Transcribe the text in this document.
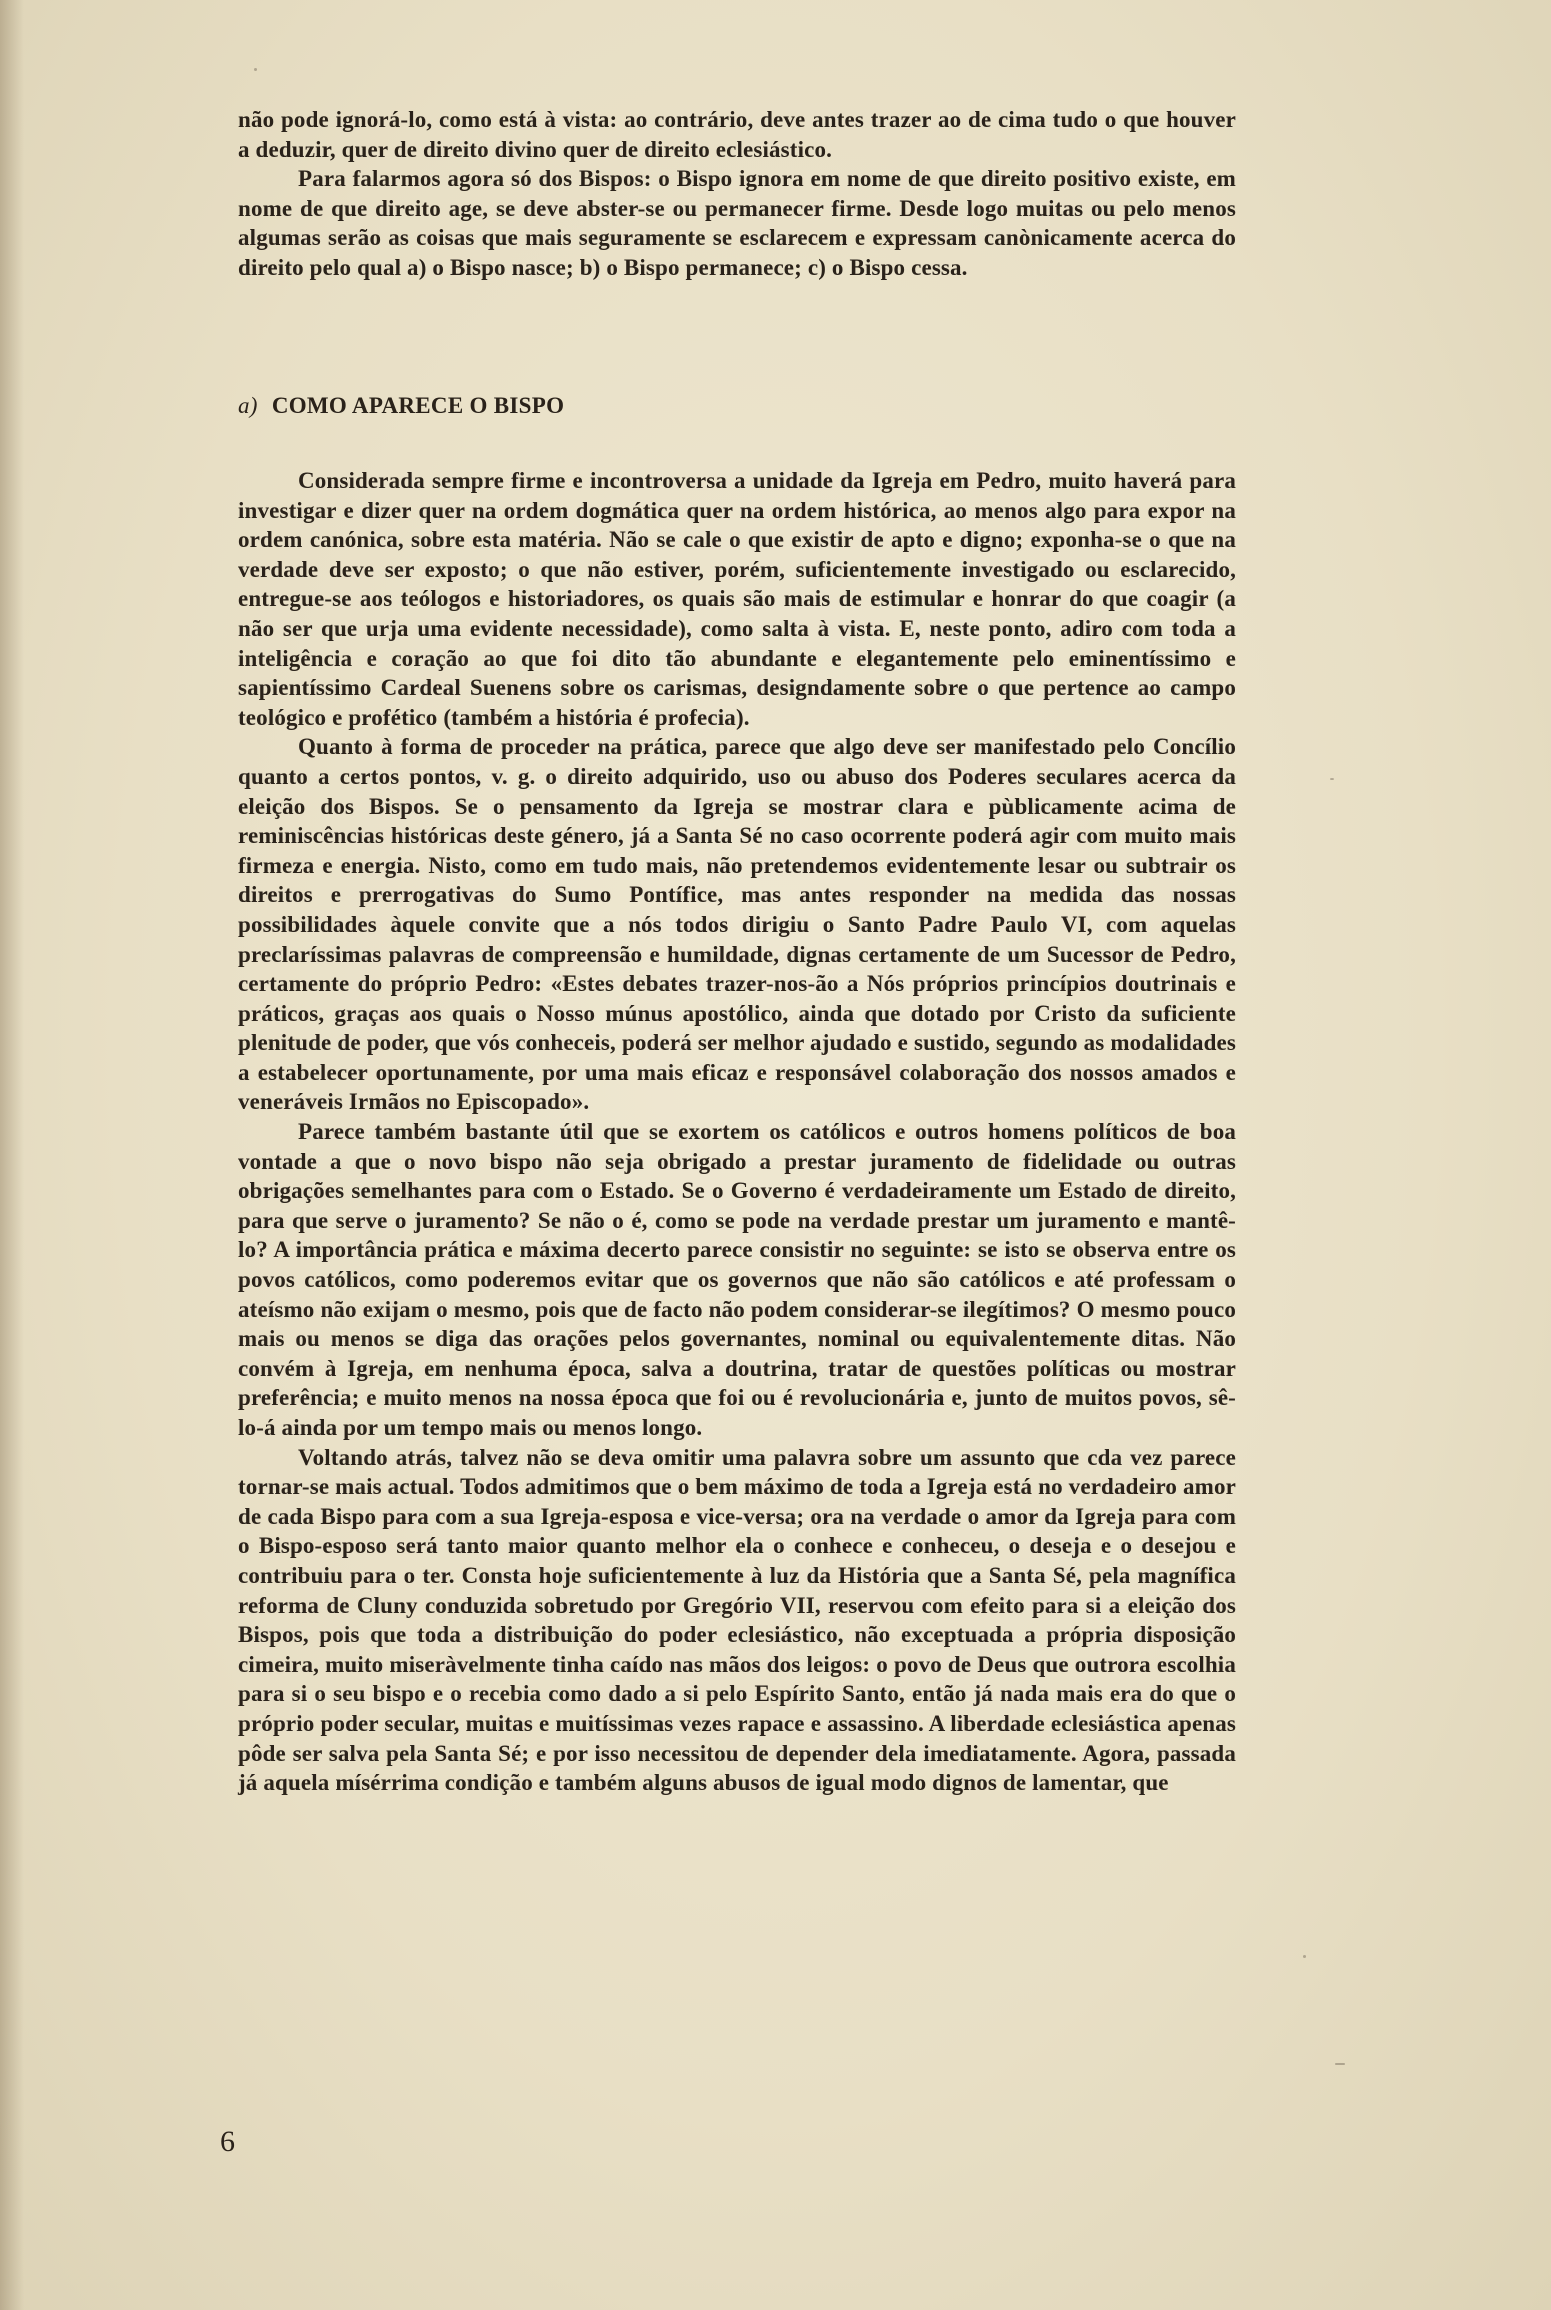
não pode ignorá-lo, como está à vista: ao contrário, deve antes trazer ao de cima tudo o que houver a deduzir, quer de direito divino quer de direito eclesiástico.

Para falarmos agora só dos Bispos: o Bispo ignora em nome de que direito positivo existe, em nome de que direito age, se deve abster-se ou permanecer firme. Desde logo muitas ou pelo menos algumas serão as coisas que mais seguramente se esclarecem e expressam canònicamente acerca do direito pelo qual a) o Bispo nasce; b) o Bispo permanece; c) o Bispo cessa.

a) COMO APARECE O BISPO

Considerada sempre firme e incontroversa a unidade da Igreja em Pedro, muito haverá para investigar e dizer quer na ordem dogmática quer na ordem histórica, ao menos algo para expor na ordem canónica, sobre esta matéria. Não se cale o que existir de apto e digno; exponha-se o que na verdade deve ser exposto; o que não estiver, porém, suficientemente investigado ou esclarecido, entregue-se aos teólogos e historiadores, os quais são mais de estimular e honrar do que coagir (a não ser que urja uma evidente necessidade), como salta à vista. E, neste ponto, adiro com toda a inteligência e coração ao que foi dito tão abundante e elegantemente pelo eminentíssimo e sapientíssimo Cardeal Suenens sobre os carismas, designdamente sobre o que pertence ao campo teológico e profético (também a história é profecia).

Quanto à forma de proceder na prática, parece que algo deve ser manifestado pelo Concílio quanto a certos pontos, v. g. o direito adquirido, uso ou abuso dos Poderes seculares acerca da eleição dos Bispos. Se o pensamento da Igreja se mostrar clara e pùblicamente acima de reminiscências históricas deste género, já a Santa Sé no caso ocorrente poderá agir com muito mais firmeza e energia. Nisto, como em tudo mais, não pretendemos evidentemente lesar ou subtrair os direitos e prerrogativas do Sumo Pontífice, mas antes responder na medida das nossas possibilidades àquele convite que a nós todos dirigiu o Santo Padre Paulo VI, com aquelas preclaríssimas palavras de compreensão e humildade, dignas certamente de um Sucessor de Pedro, certamente do próprio Pedro: «Estes debates trazer-nos-ão a Nós próprios princípios doutrinais e práticos, graças aos quais o Nosso múnus apostólico, ainda que dotado por Cristo da suficiente plenitude de poder, que vós conheceis, poderá ser melhor ajudado e sustido, segundo as modalidades a estabelecer oportunamente, por uma mais eficaz e responsável colaboração dos nossos amados e veneráveis Irmãos no Episcopado».

Parece também bastante útil que se exortem os católicos e outros homens políticos de boa vontade a que o novo bispo não seja obrigado a prestar juramento de fidelidade ou outras obrigações semelhantes para com o Estado. Se o Governo é verdadeiramente um Estado de direito, para que serve o juramento? Se não o é, como se pode na verdade prestar um juramento e mantê-lo? A importância prática e máxima decerto parece consistir no seguinte: se isto se observa entre os povos católicos, como poderemos evitar que os governos que não são católicos e até professam o ateísmo não exijam o mesmo, pois que de facto não podem considerar-se ilegítimos? O mesmo pouco mais ou menos se diga das orações pelos governantes, nominal ou equivalentemente ditas. Não convém à Igreja, em nenhuma época, salva a doutrina, tratar de questões políticas ou mostrar preferência; e muito menos na nossa época que foi ou é revolucionária e, junto de muitos povos, sê-lo-á ainda por um tempo mais ou menos longo.

Voltando atrás, talvez não se deva omitir uma palavra sobre um assunto que cda vez parece tornar-se mais actual. Todos admitimos que o bem máximo de toda a Igreja está no verdadeiro amor de cada Bispo para com a sua Igreja-esposa e vice-versa; ora na verdade o amor da Igreja para com o Bispo-esposo será tanto maior quanto melhor ela o conhece e conheceu, o deseja e o desejou e contribuiu para o ter. Consta hoje suficientemente à luz da História que a Santa Sé, pela magnífica reforma de Cluny conduzida sobretudo por Gregório VII, reservou com efeito para si a eleição dos Bispos, pois que toda a distribuição do poder eclesiástico, não exceptuada a própria disposição cimeira, muito miseràvelmente tinha caído nas mãos dos leigos: o povo de Deus que outrora escolhia para si o seu bispo e o recebia como dado a si pelo Espírito Santo, então já nada mais era do que o próprio poder secular, muitas e muitíssimas vezes rapace e assassino. A liberdade eclesiástica apenas pôde ser salva pela Santa Sé; e por isso necessitou de depender dela imediatamente. Agora, passada já aquela mísérrima condição e também alguns abusos de igual modo dignos de lamentar, que

6
